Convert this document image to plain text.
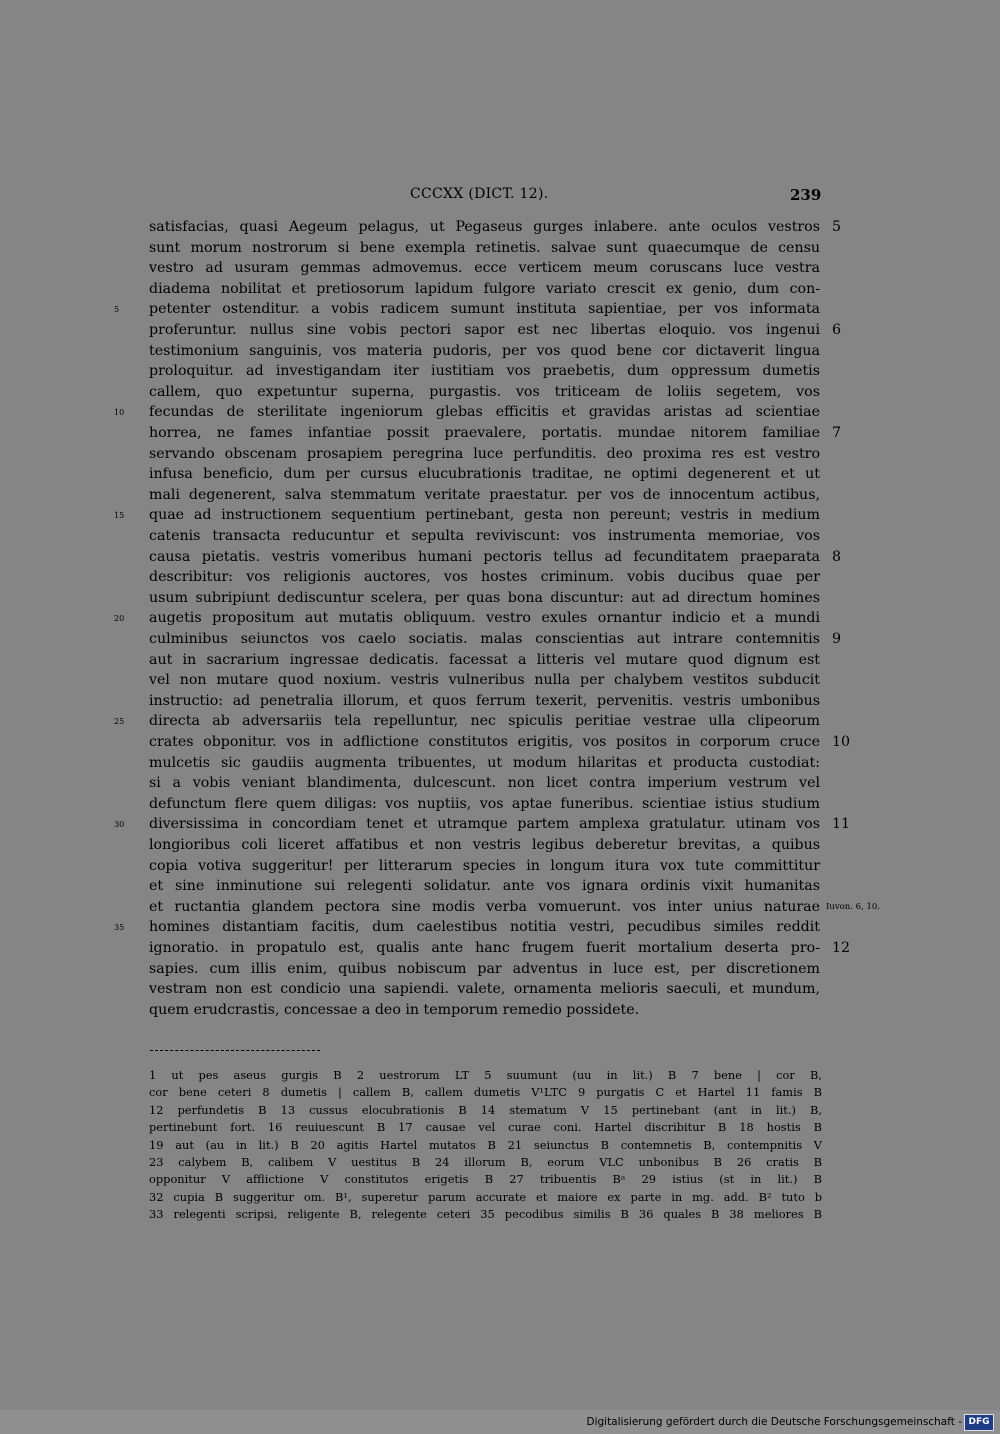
CCCXX (DICT. 12).	239
satisfacias, quasi Aegeum pelagus, ut Pegaseus gurges inlabere. ante oculos vestros
sunt morum nostrorum si bene exempla retinetis. salvae sunt quaecumque de censu
vestro ad usuram gemmas admovemus. ecce verticem meum coruscans luce vestra
diadema nobilitat et pretiosorum lapidum fulgore variato crescit ex genio, dum con-
petenter ostenditur. a vobis radicem sumunt instituta sapientiae, per vos informata
proferuntur. nullus sine vobis pectori sapor est nec libertas eloquio. vos ingenui
testimonium sanguinis, vos materia pudoris, per vos quod bene cor dictaverit lingua
proloquitur. ad investigandam iter iustitiam vos praebetis, dum oppressum dumetis
callem, quo expetuntur superna, purgastis. vos triticeam de loliis segetem, vos
fecundas de sterilitate ingeniorum glebas efficitis et gravidas aristas ad scientiae
horrea, ne fames infantiae possit praevalere, portatis. mundae nitorem familiae
servando obscenam prosapiem peregrina luce perfunditis. deo proxima res est vestro
infusa beneficio, dum per cursus elucubrationis traditae, ne optimi degenerent et ut
mali degenerent, salva stemmatum veritate praestatur. per vos de innocentum actibus,
quae ad instructionem sequentium pertinebant, gesta non pereunt; vestris in medium
catenis transacta reducuntur et sepulta reviviscunt: vos instrumenta memoriae, vos
causa pietatis. vestris vomeribus humani pectoris tellus ad fecunditatem praeparata
describitur: vos religionis auctores, vos hostes criminum. vobis ducibus quae per
usum subripiunt dediscuntur scelera, per quas bona discuntur: aut ad directum homines
augetis propositum aut mutatis obliquum. vestro exules ornantur indicio et a mundi
culminibus seiunctos vos caelo sociatis. malas conscientias aut intrare contemnitis
aut in sacrarium ingressae dedicatis. facessat a litteris vel mutare quod dignum est
vel non mutare quod noxium. vestris vulneribus nulla per chalybem vestitos subducit
instructio: ad penetralia illorum, et quos ferrum texerit, pervenitis. vestris umbonibus
directa ab adversariis tela repelluntur, nec spiculis peritiae vestrae ulla clipeorum
crates obponitur. vos in adflictione constitutos erigitis, vos positos in corporum cruce
mulcetis sic gaudiis augmenta tribuentes, ut modum hilaritas et producta custodiat:
si a vobis veniant blandimenta, dulcescunt. non licet contra imperium vestrum vel
defunctum flere quem diligas: vos nuptiis, vos aptae funeribus. scientiae istius studium
diversissima in concordiam tenet et utramque partem amplexa gratulatur. utinam vos
longioribus coli liceret affatibus et non vestris legibus deberetur brevitas, a quibus
copia votiva suggeritur! per litterarum species in longum itura vox tute committitur
et sine inminutione sui relegenti solidatur. ante vos ignara ordinis vixit humanitas
et ructantia glandem pectora sine modis verba vomuerunt. vos inter unius naturae
homines distantiam facitis, dum caelestibus notitia vestri, pecudibus similes reddit
ignoratio. in propatulo est, qualis ante hanc frugem fuerit mortalium deserta pro-
sapies. cum illis enim, quibus nobiscum par adventus in luce est, per discretionem
vestram non est condicio una sapiendi. valete, ornamenta melioris saeculi, et mundum,
quem erudcrastis, concessae a deo in temporum remedio possidete.
5
10
15
20
25
30
35
5
6
7
8
9
10
11
Iuvon. 6, 10.
12
1 ut pes aseus gurgis B 2 uestrorum LT 5 suumunt (uu in lit.) B 7 bene | cor B,
cor bene ceteri 8 dumetis | callem B, callem dumetis V¹LTC 9 purgatis C et Hartel 11 famis B
12 perfundetis B 13 cussus elocubrationis B 14 stematum V 15 pertinebant (ant in lit.) B,
pertinebunt fort. 16 reuiuescunt B 17 causae vel curae coni. Hartel discribitur B 18 hostis B
19 aut (au in lit.) B 20 agitis Hartel mutatos B 21 seiunctus B contemnetis B, contempnitis V
23 calybem B, calibem V uestitus B 24 illorum B, eorum VLC unbonibus B 26 cratis B
opponitur V afflictione V constitutos erigetis B 27 tribuentis Bᵃ 29 istius (st in lit.) B
32 cupia B suggeritur om. B¹, superetur parum accurate et maiore ex parte in mg. add. B² tuto b
33 relegenti scripsi, religente B, relegente ceteri 35 pecodibus similis B 36 quales B 38 meliores B
Digitalisierung gefördert durch die Deutsche Forschungsgemeinschaft - DFG
